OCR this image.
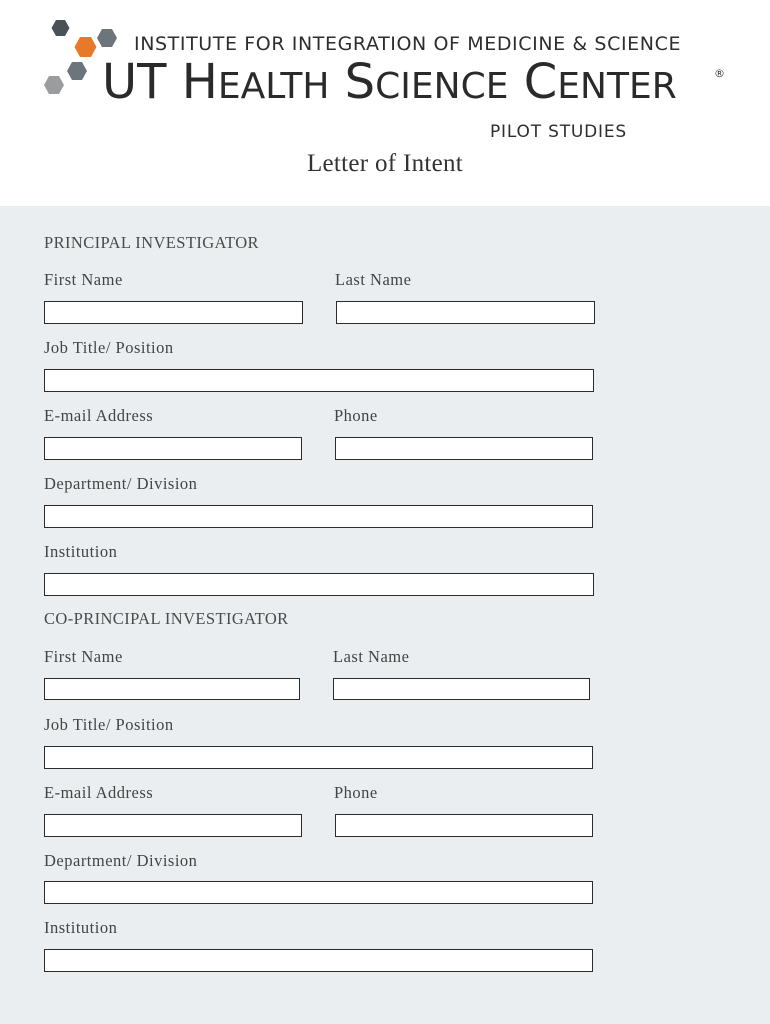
INSTITUTE FOR INTEGRATION OF MEDICINE & SCIENCE
UT HEALTH SCIENCE CENTER	®
PILOT STUDIES
Letter of Intent
PRINCIPAL INVESTIGATOR
First Name	Last Name
Job Title/ Position
E-mail Address	Phone
Department/ Division
Institution
CO-PRINCIPAL INVESTIGATOR
First Name	Last Name
Job Title/ Position
E-mail Address	Phone
Department/ Division
Institution
